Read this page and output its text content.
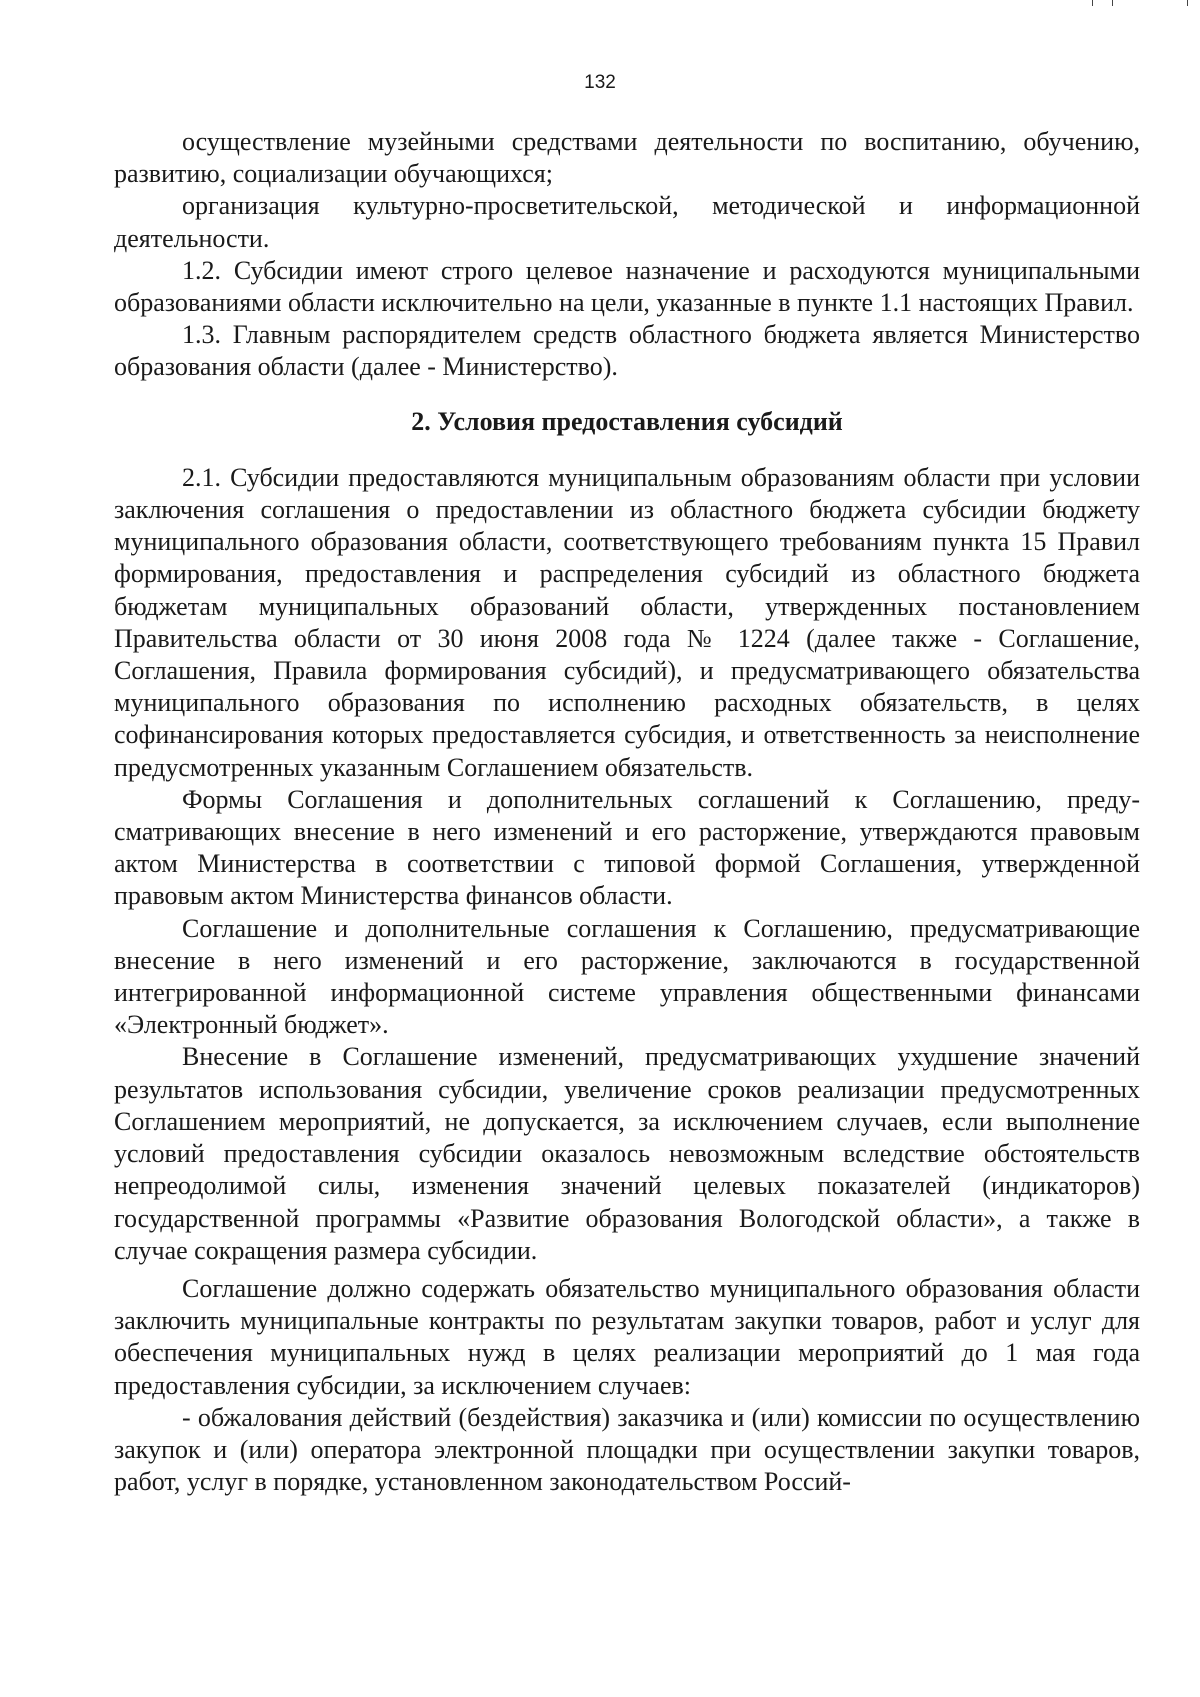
132

осуществление музейными средствами деятельности по воспитанию, обучению, развитию, социализации обучающихся;

организация культурно-просветительской, методической и информационной деятельности.

1.2. Субсидии имеют строго целевое назначение и расходуются муниципальными образованиями области исключительно на цели, указанные в пункте 1.1 настоящих Правил.

1.3. Главным распорядителем средств областного бюджета является Министерство образования области (далее - Министерство).

2. Условия предоставления субсидий

2.1. Субсидии предоставляются муниципальным образованиям области при условии заключения соглашения о предоставлении из областного бюджета субсидии бюджету муниципального образования области, соответствующего требованиям пункта 15 Правил формирования, предоставления и распределения субсидий из областного бюджета бюджетам муниципальных образований области, утвержденных постановлением Правительства области от 30 июня 2008 года № 1224 (далее также - Соглашение, Соглашения, Правила формирования субсидий), и предусматривающего обязательства муниципального образования по исполнению расходных обязательств, в целях софинансирования которых предоставляется субсидия, и ответственность за неисполнение предусмотренных указанным Соглашением обязательств.

Формы Соглашения и дополнительных соглашений к Соглашению, предусматривающих внесение в него изменений и его расторжение, утверждаются правовым актом Министерства в соответствии с типовой формой Соглашения, утвержденной правовым актом Министерства финансов области.

Соглашение и дополнительные соглашения к Соглашению, предусматривающие внесение в него изменений и его расторжение, заключаются в государственной интегрированной информационной системе управления общественными финансами «Электронный бюджет».

Внесение в Соглашение изменений, предусматривающих ухудшение значений результатов использования субсидии, увеличение сроков реализации предусмотренных Соглашением мероприятий, не допускается, за исключением случаев, если выполнение условий предоставления субсидии оказалось невозможным вследствие обстоятельств непреодолимой силы, изменения значений целевых показателей (индикаторов) государственной программы «Развитие образования Вологодской области», а также в случае сокращения размера субсидии.

Соглашение должно содержать обязательство муниципального образования области заключить муниципальные контракты по результатам закупки товаров, работ и услуг для обеспечения муниципальных нужд в целях реализации мероприятий до 1 мая года предоставления субсидии, за исключением случаев:

- обжалования действий (бездействия) заказчика и (или) комиссии по осуществлению закупок и (или) оператора электронной площадки при осуществлении закупки товаров, работ, услуг в порядке, установленном законодательством Россий-
